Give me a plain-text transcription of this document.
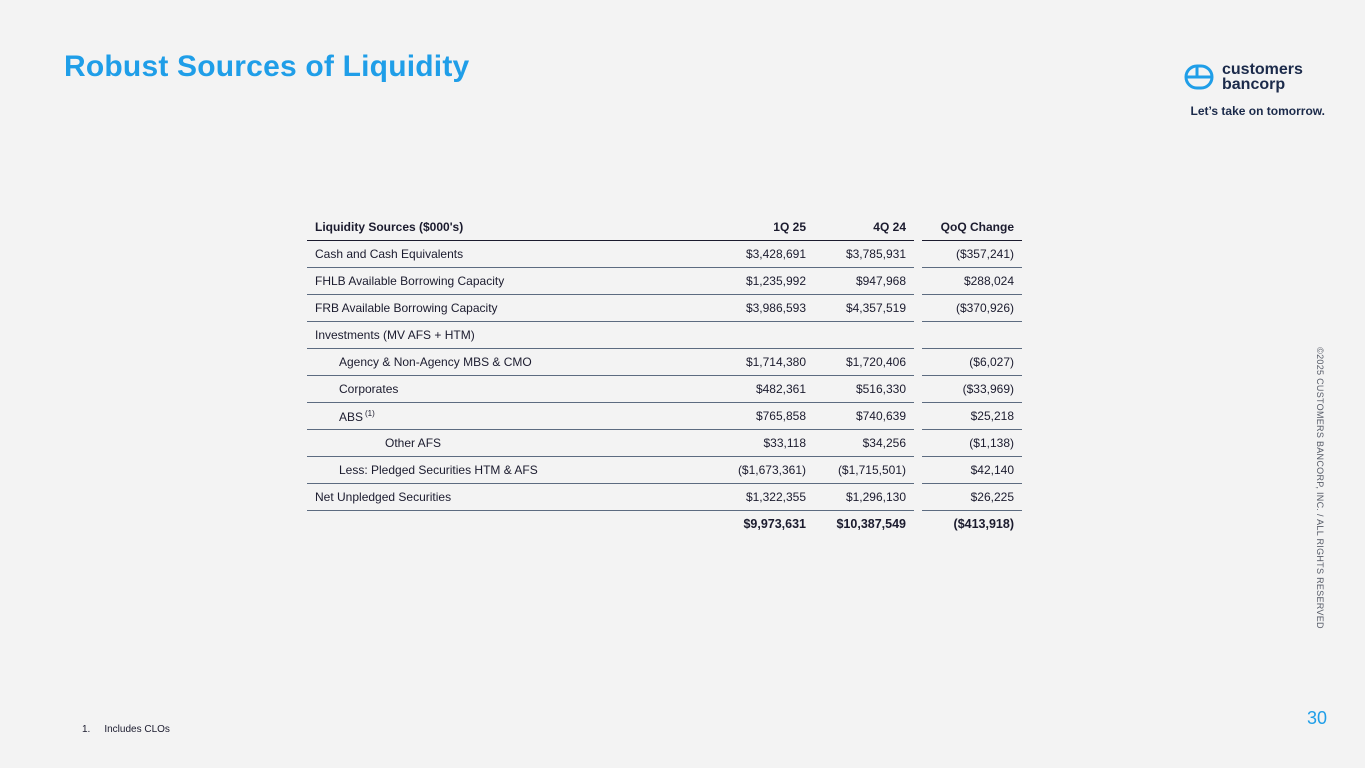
Robust Sources of Liquidity	customers
bancorp
Let’s take on tomorrow.
©2025 CUSTOMERS BANCORP, INC. / ALL RIGHTS RESERVED
Liquidity Sources ($000's)	1Q 25	4Q 24		QoQ Change
Cash and Cash Equivalents	$3,428,691	$3,785,931		($357,241)
FHLB Available Borrowing Capacity	$1,235,992	$947,968		$288,024
FRB Available Borrowing Capacity	$3,986,593	$4,357,519		($370,926)
Investments (MV AFS + HTM)				
Agency & Non-Agency MBS & CMO	$1,714,380	$1,720,406		($6,027)
Corporates	$482,361	$516,330		($33,969)
ABS $^{(1)}$	$765,858	$740,639		$25,218
Other AFS	$33,118	$34,256		($1,138)
Less: Pledged Securities HTM & AFS	($1,673,361)	($1,715,501)		$42,140
Net Unpledged Securities	$1,322,355	$1,296,130		$26,225
	$9,973,631	$10,387,549		($413,918)
1. Includes CLOs
30
